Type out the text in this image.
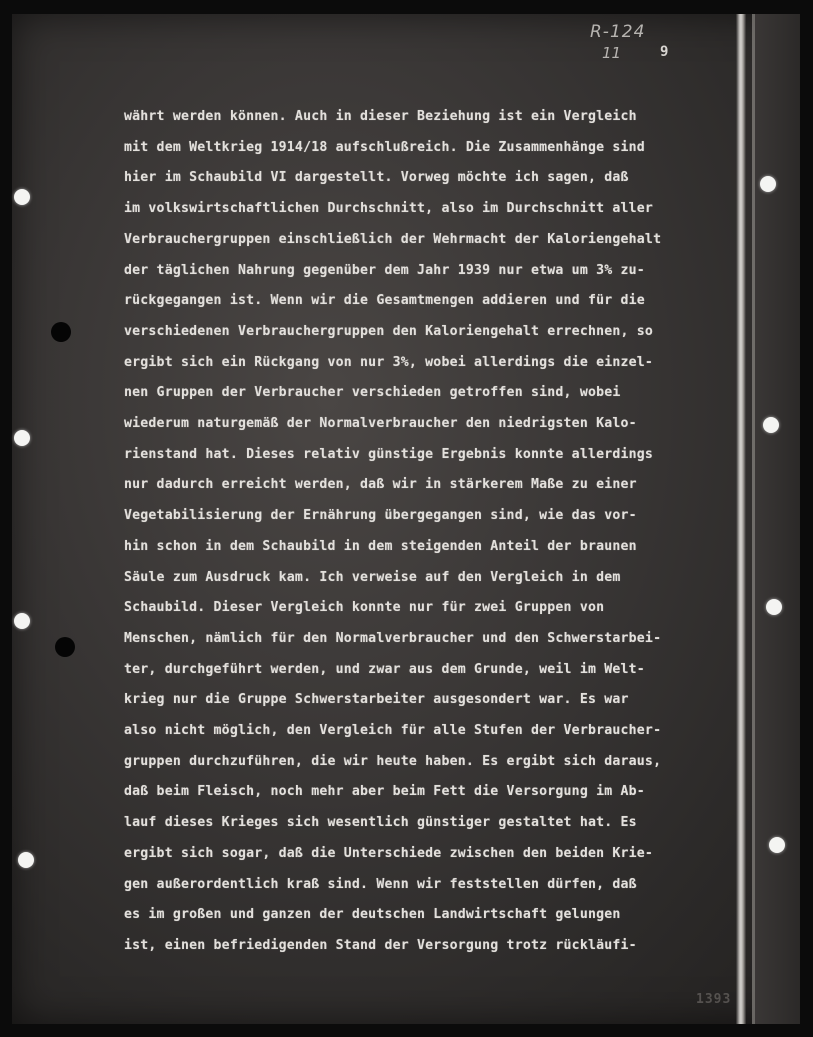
R-124
11	9
währt werden können. Auch in dieser Beziehung ist ein Vergleich
mit dem Weltkrieg 1914/18 aufschlußreich. Die Zusammenhänge sind
hier im Schaubild VI dargestellt. Vorweg möchte ich sagen, daß
im volkswirtschaftlichen Durchschnitt, also im Durchschnitt aller
Verbrauchergruppen einschließlich der Wehrmacht der Kaloriengehalt
der täglichen Nahrung gegenüber dem Jahr 1939 nur etwa um 3% zu-
rückgegangen ist. Wenn wir die Gesamtmengen addieren und für die
verschiedenen Verbrauchergruppen den Kaloriengehalt errechnen, so
ergibt sich ein Rückgang von nur 3%, wobei allerdings die einzel-
nen Gruppen der Verbraucher verschieden getroffen sind, wobei
wiederum naturgemäß der Normalverbraucher den niedrigsten Kalo-
rienstand hat. Dieses relativ günstige Ergebnis konnte allerdings
nur dadurch erreicht werden, daß wir in stärkerem Maße zu einer
Vegetabilisierung der Ernährung übergegangen sind, wie das vor-
hin schon in dem Schaubild in dem steigenden Anteil der braunen
Säule zum Ausdruck kam. Ich verweise auf den Vergleich in dem
Schaubild. Dieser Vergleich konnte nur für zwei Gruppen von
Menschen, nämlich für den Normalverbraucher und den Schwerstarbei-
ter, durchgeführt werden, und zwar aus dem Grunde, weil im Welt-
krieg nur die Gruppe Schwerstarbeiter ausgesondert war. Es war
also nicht möglich, den Vergleich für alle Stufen der Verbraucher-
gruppen durchzuführen, die wir heute haben. Es ergibt sich daraus,
daß beim Fleisch, noch mehr aber beim Fett die Versorgung im Ab-
lauf dieses Krieges sich wesentlich günstiger gestaltet hat. Es
ergibt sich sogar, daß die Unterschiede zwischen den beiden Krie-
gen außerordentlich kraß sind. Wenn wir feststellen dürfen, daß
es im großen und ganzen der deutschen Landwirtschaft gelungen
ist, einen befriedigenden Stand der Versorgung trotz rückläufi-
1393
